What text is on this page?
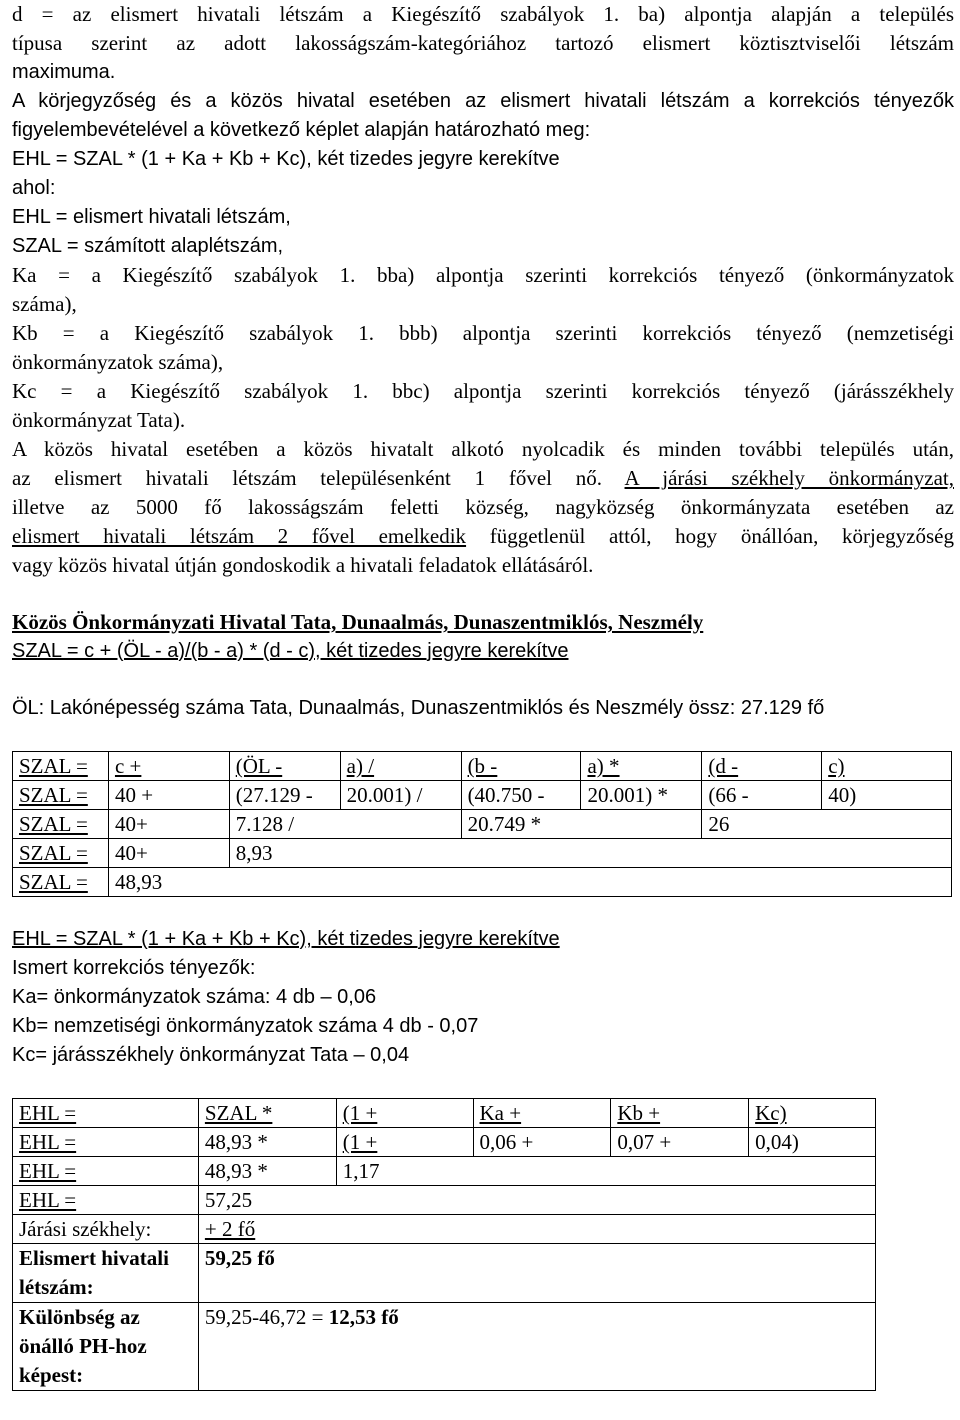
d = az elismert hivatali létszám a Kiegészítő szabályok 1. ba) alpontja alapján a település

típusa szerint az adott lakosságszám-kategóriához tartozó elismert köztisztviselői létszám

maximuma.

A körjegyzőség és a közös hivatal esetében az elismert hivatali létszám a korrekciós tényezők

figyelembevételével a következő képlet alapján határozható meg:

EHL = SZAL * (1 + Ka + Kb + Kc), két tizedes jegyre kerekítve

ahol:

EHL = elismert hivatali létszám,

SZAL = számított alaplétszám,

Ka = a Kiegészítő szabályok 1. bba) alpontja szerinti korrekciós tényező (önkormányzatok

száma),

Kb = a Kiegészítő szabályok 1. bbb) alpontja szerinti korrekciós tényező (nemzetiségi

önkormányzatok száma),

Kc = a Kiegészítő szabályok 1. bbc) alpontja szerinti korrekciós tényező (járásszékhely

önkormányzat Tata).

A közös hivatal esetében a közös hivatalt alkotó nyolcadik és minden további település után,

az elismert hivatali létszám településenként 1 fővel nő. A járási székhely önkormányzat,

illetve az 5000 fő lakosságszám feletti község, nagyközség önkormányzata esetében az

elismert hivatali létszám 2 fővel emelkedik függetlenül attól, hogy önállóan, körjegyzőség

vagy közös hivatal útján gondoskodik a hivatali feladatok ellátásáról.

Közös Önkormányzati Hivatal Tata, Dunaalmás, Dunaszentmiklós, Neszmély

SZAL = c + (ÖL - a)/(b - a) * (d - c), két tizedes jegyre kerekítve

ÖL: Lakónépesség száma Tata, Dunaalmás, Dunaszentmiklós és Neszmély össz: 27.129 fő

SZAL =	c +	(ÖL -	a) /	(b -	a) *	(d -	c)
SZAL =	40 +	(27.129 -	20.001) /	(40.750 -	20.001) *	(66 -	40)
SZAL =	40+	7.128 /		20.749 *		26	
SZAL =	40+	8,93					
SZAL =	48,93						

EHL = SZAL * (1 + Ka + Kb + Kc), két tizedes jegyre kerekítve

Ismert korrekciós tényezők:

Ka= önkormányzatok száma: 4 db – 0,06

Kb= nemzetiségi önkormányzatok száma 4 db - 0,07

Kc= járásszékhely önkormányzat Tata – 0,04

EHL =	SZAL *	(1 +	Ka +	Kb +	Kc)
EHL =	48,93 *	(1 +	0,06 +	0,07 +	0,04)
EHL =	48,93 *	1,17			
EHL =	57,25				
Járási székhely:	+ 2 fő				
Elismert hivatali létszám:	59,25 fő				
Különbség az önálló PH-hoz képest:	59,25-46,72 = 12,53 fő				
